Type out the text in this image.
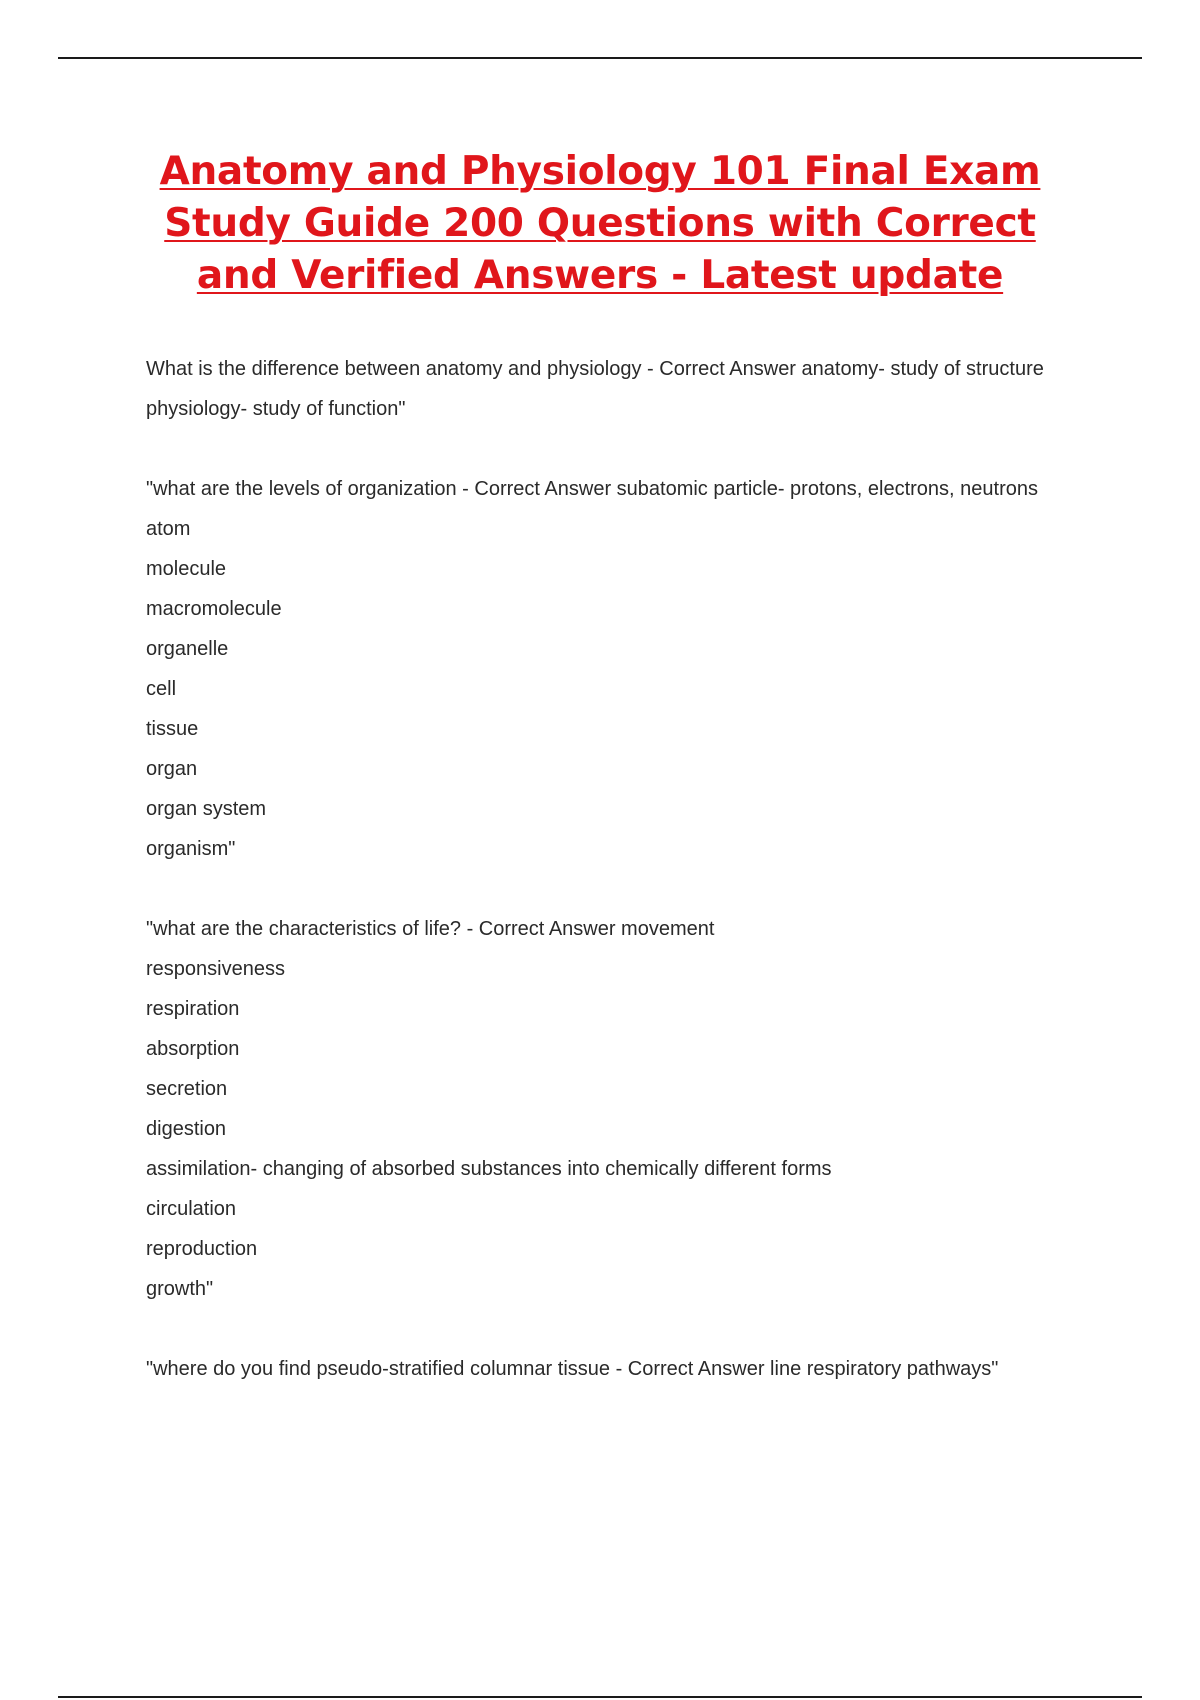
Anatomy and Physiology 101 Final Exam Study Guide 200 Questions with Correct and Verified Answers - Latest update

What is the difference between anatomy and physiology - Correct Answer anatomy- study of structure

physiology- study of function"

"what are the levels of organization - Correct Answer subatomic particle- protons, electrons, neutrons

atom

molecule

macromolecule

organelle

cell

tissue

organ

organ system

organism"

"what are the characteristics of life? - Correct Answer movement

responsiveness

respiration

absorption

secretion

digestion

assimilation- changing of absorbed substances into chemically different forms

circulation

reproduction

growth"

"where do you find pseudo-stratified columnar tissue - Correct Answer line respiratory pathways"
